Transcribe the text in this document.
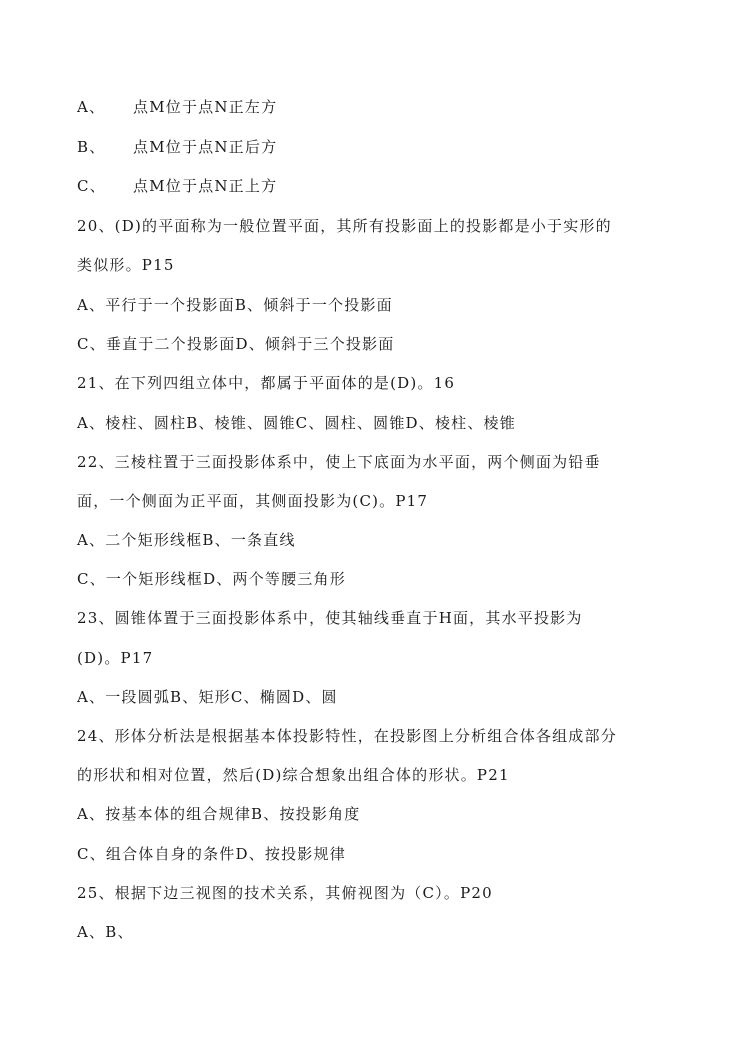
A、 点M位于点N正左方
B、 点M位于点N正后方
C、 点M位于点N正上方
20、(D)的平面称为一般位置平面，其所有投影面上的投影都是小于实形的
类似形。P15
A、平行于一个投影面B、倾斜于一个投影面
C、垂直于二个投影面D、倾斜于三个投影面
21、在下列四组立体中，都属于平面体的是(D)。16
A、棱柱、圆柱B、棱锥、圆锥C、圆柱、圆锥D、棱柱、棱锥
22、三棱柱置于三面投影体系中，使上下底面为水平面，两个侧面为铅垂
面，一个侧面为正平面，其侧面投影为(C)。P17
A、二个矩形线框B、一条直线
C、一个矩形线框D、两个等腰三角形
23、圆锥体置于三面投影体系中，使其轴线垂直于H面，其水平投影为
(D)。P17
A、一段圆弧B、矩形C、椭圆D、圆
24、形体分析法是根据基本体投影特性，在投影图上分析组合体各组成部分
的形状和相对位置，然后(D)综合想象出组合体的形状。P21
A、按基本体的组合规律B、按投影角度
C、组合体自身的条件D、按投影规律
25、根据下边三视图的技术关系，其俯视图为（C）。P20
A、B、
